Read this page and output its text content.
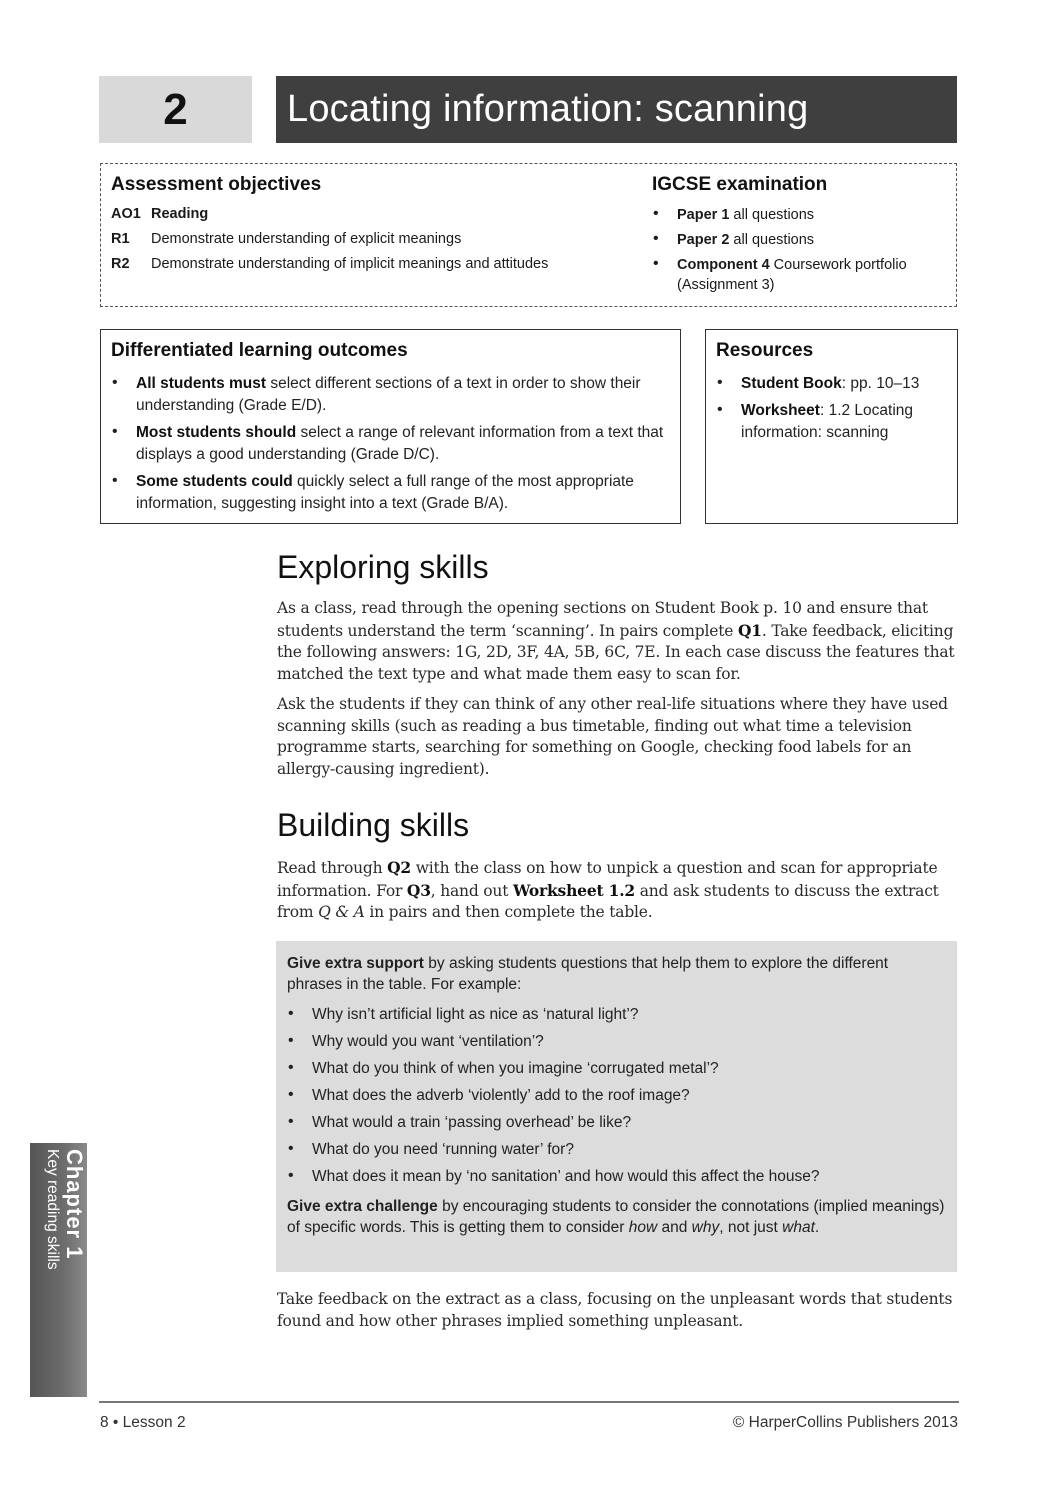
2	Locating information: scanning
Assessment objectives
AO1 Reading
R1	Demonstrate understanding of explicit meanings
R2	Demonstrate understanding of implicit meanings and attitudes
IGCSE examination
• Paper 1 all questions
• Paper 2 all questions
• Component 4 Coursework portfolio (Assignment 3)
Differentiated learning outcomes
• All students must select different sections of a text in order to show their understanding (Grade E/D).
• Most students should select a range of relevant information from a text that displays a good understanding (Grade D/C).
• Some students could quickly select a full range of the most appropriate information, suggesting insight into a text (Grade B/A).
Resources
• Student Book: pp. 10–13
• Worksheet: 1.2 Locating information: scanning
Exploring skills

As a class, read through the opening sections on Student Book p. 10 and ensure that students understand the term ‘scanning’. In pairs complete Q1. Take feedback, eliciting the following answers: 1G, 2D, 3F, 4A, 5B, 6C, 7E. In each case discuss the features that matched the text type and what made them easy to scan for.

Ask the students if they can think of any other real-life situations where they have used scanning skills (such as reading a bus timetable, finding out what time a television programme starts, searching for something on Google, checking food labels for an allergy-causing ingredient).

Building skills

Read through Q2 with the class on how to unpick a question and scan for appropriate information. For Q3, hand out Worksheet 1.2 and ask students to discuss the extract from Q & A in pairs and then complete the table.

Give extra support by asking students questions that help them to explore the different phrases in the table. For example:

• Why isn’t artificial light as nice as ‘natural light’?
• Why would you want ‘ventilation’?
• What do you think of when you imagine ‘corrugated metal’?
• What does the adverb ‘violently’ add to the roof image?
• What would a train ‘passing overhead’ be like?
• What do you need ‘running water’ for?
• What does it mean by ‘no sanitation’ and how would this affect the house?

Give extra challenge by encouraging students to consider the connotations (implied meanings) of specific words. This is getting them to consider how and why, not just what.

Take feedback on the extract as a class, focusing on the unpleasant words that students found and how other phrases implied something unpleasant.

Chapter 1
Key reading skills
8 • Lesson 2	© HarperCollins Publishers 2013
